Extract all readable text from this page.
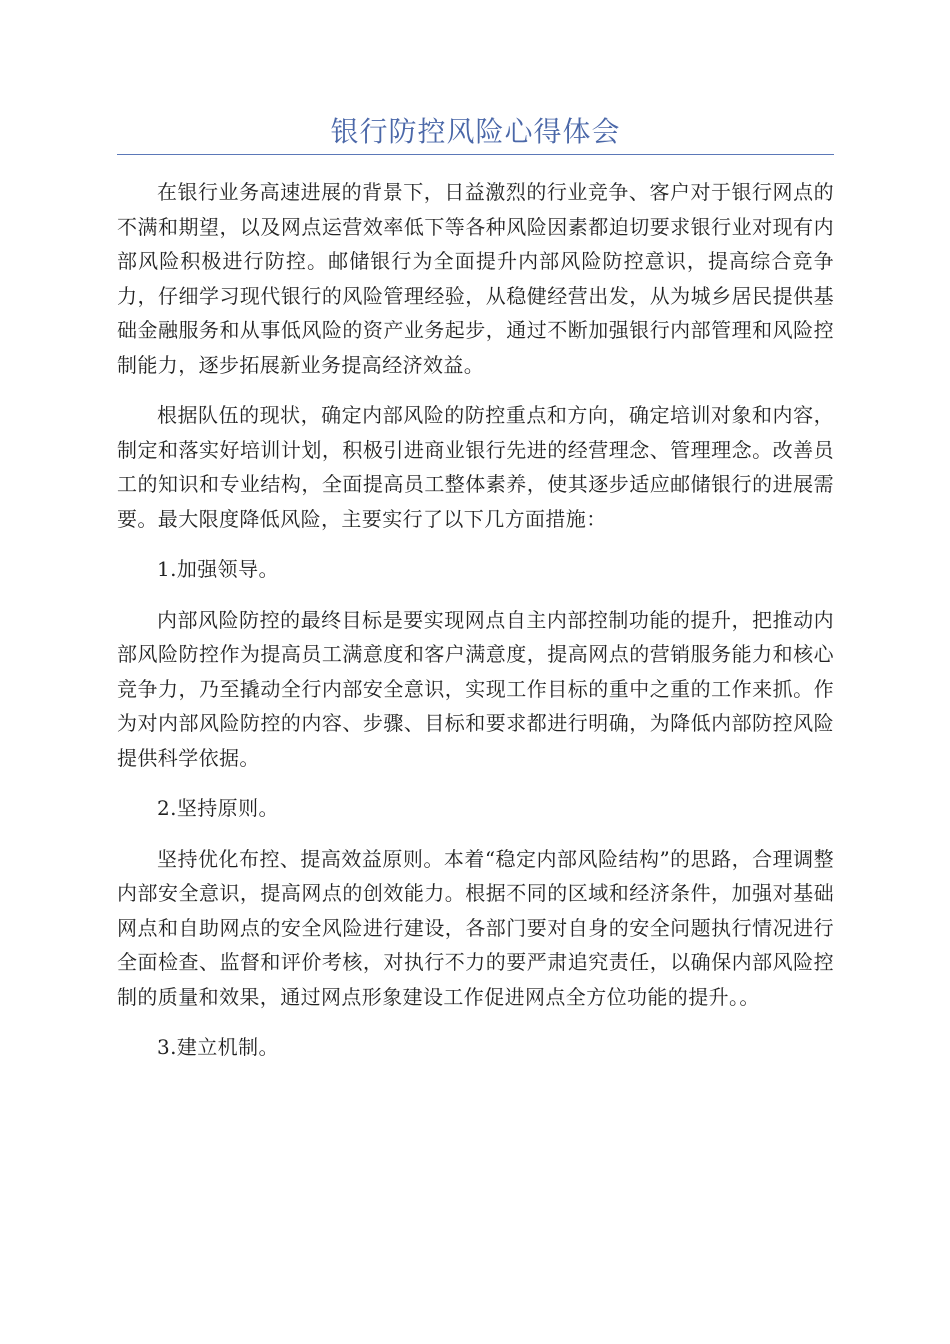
银行防控风险心得体会

在银行业务高速进展的背景下，日益激烈的行业竞争、客户对于银行网点的不满和期望，以及网点运营效率低下等各种风险因素都迫切要求银行业对现有内部风险积极进行防控。邮储银行为全面提升内部风险防控意识，提高综合竞争力，仔细学习现代银行的风险管理经验，从稳健经营出发，从为城乡居民提供基础金融服务和从事低风险的资产业务起步，通过不断加强银行内部管理和风险控制能力，逐步拓展新业务提高经济效益。

根据队伍的现状，确定内部风险的防控重点和方向，确定培训对象和内容，制定和落实好培训计划，积极引进商业银行先进的经营理念、管理理念。改善员工的知识和专业结构，全面提高员工整体素养，使其逐步适应邮储银行的进展需要。最大限度降低风险，主要实行了以下几方面措施：

1.加强领导。

内部风险防控的最终目标是要实现网点自主内部控制功能的提升，把推动内部风险防控作为提高员工满意度和客户满意度，提高网点的营销服务能力和核心竞争力，乃至撬动全行内部安全意识，实现工作目标的重中之重的工作来抓。作为对内部风险防控的内容、步骤、目标和要求都进行明确，为降低内部防控风险提供科学依据。

2.坚持原则。

坚持优化布控、提高效益原则。本着“稳定内部风险结构”的思路，合理调整内部安全意识，提高网点的创效能力。根据不同的区域和经济条件，加强对基础网点和自助网点的安全风险进行建设，各部门要对自身的安全问题执行情况进行全面检查、监督和评价考核，对执行不力的要严肃追究责任，以确保内部风险控制的质量和效果，通过网点形象建设工作促进网点全方位功能的提升。。

3.建立机制。
